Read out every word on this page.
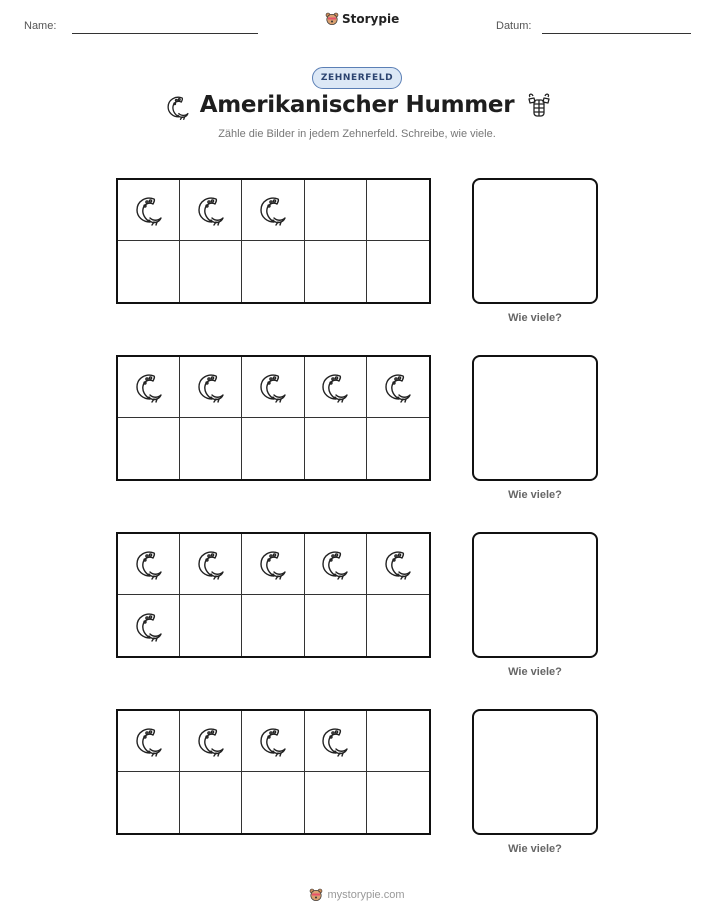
Name:	Storypie	Datum:
ZEHNERFELD
Amerikanischer Hummer
Zähle die Bilder in jedem Zehnerfeld. Schreibe, wie viele.
Wie viele?
Wie viele?
Wie viele?
Wie viele?
mystorypie.com
